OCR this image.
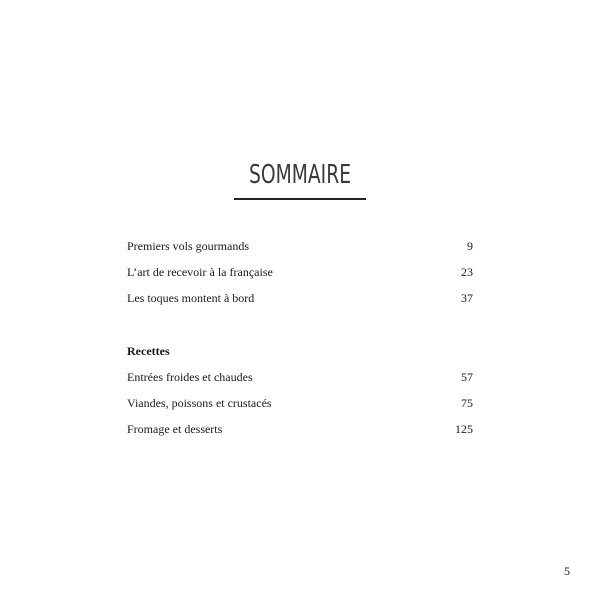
SOMMAIRE
Premiers vols gourmands	9
L’art de recevoir à la française	23
Les toques montent à bord	37
Recettes
Entrées froides et chaudes	57
Viandes, poissons et crustacés	75
Fromage et desserts	125
5
